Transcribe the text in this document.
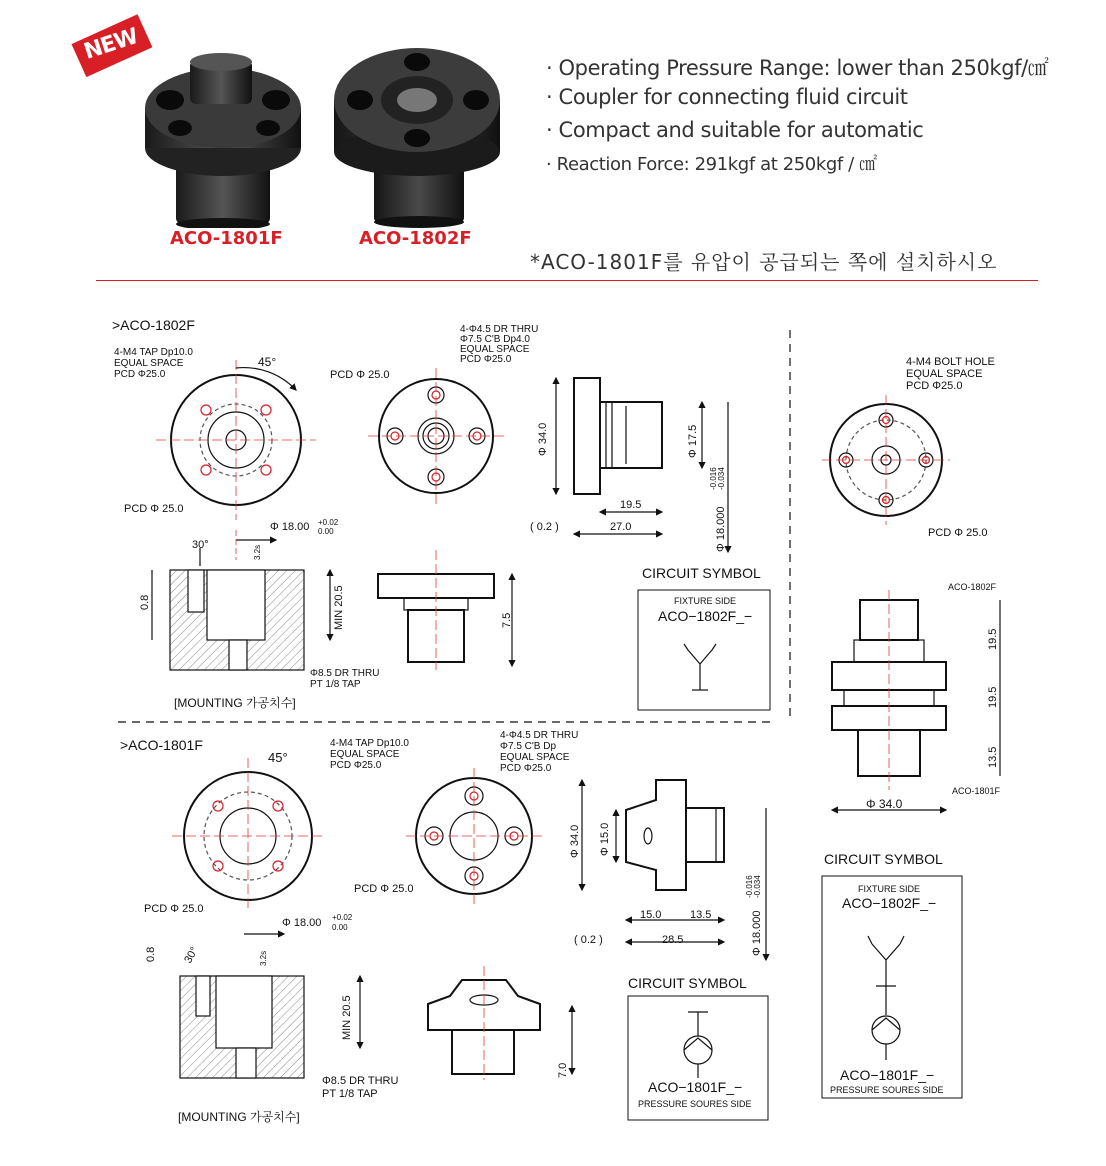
NEW
ACO-1801F	ACO-1802F
· Operating Pressure Range: lower than 250kgf/㎠
· Coupler for connecting fluid circuit
· Compact and suitable for automatic
· Reaction Force: 291kgf at 250kgf / ㎠
*ACO-1801F를 유압이 공급되는 쪽에 설치하시오
>ACO-1802F
4-M4 TAP Dp10.0
EQUAL SPACE
PCD Φ25.0
45°
PCD Φ 25.0
PCD Φ 25.0
4-Φ4.5 DR THRU
Φ7.5 C'B Dp4.0
EQUAL SPACE
PCD Φ25.0
Φ 34.0	Φ 17.5
19.5
( 0.2 )	27.0	Φ 18.000
-0.016 -0.034
Φ 18.00 +0.02
0.00
30°	3.2s
0.8	MIN 20.5
Φ8.5 DR THRU
PT 1/8 TAP
[MOUNTING 가공치수]
7.5
CIRCUIT SYMBOL
FIXTURE SIDE
ACO−1802F_−
4-M4 BOLT HOLE
EQUAL SPACE
PCD Φ25.0
PCD Φ 25.0
ACO-1802F
ACO-1801F
19.5
19.5
13.5
Φ 34.0
CIRCUIT SYMBOL
FIXTURE SIDE
ACO−1802F_−
ACO−1801F_−
PRESSURE SOURES SIDE
>ACO-1801F
45°
4-M4 TAP Dp10.0
EQUAL SPACE
PCD Φ25.0
4-Φ4.5 DR THRU
Φ7.5 C'B Dp
EQUAL SPACE
PCD Φ25.0
PCD Φ 25.0
PCD Φ 25.0
Φ 34.0 Φ 15.0
15.0	13.5
( 0.2 )	28.5	Φ 18.000
-0.016 -0.034
Φ 18.00 +0.02
0.00
0.8 30°	3.2s
MIN 20.5
Φ8.5 DR THRU
PT 1/8 TAP
[MOUNTING 가공치수]
7.0
CIRCUIT SYMBOL
ACO−1801F_−
PRESSURE SOURES SIDE
